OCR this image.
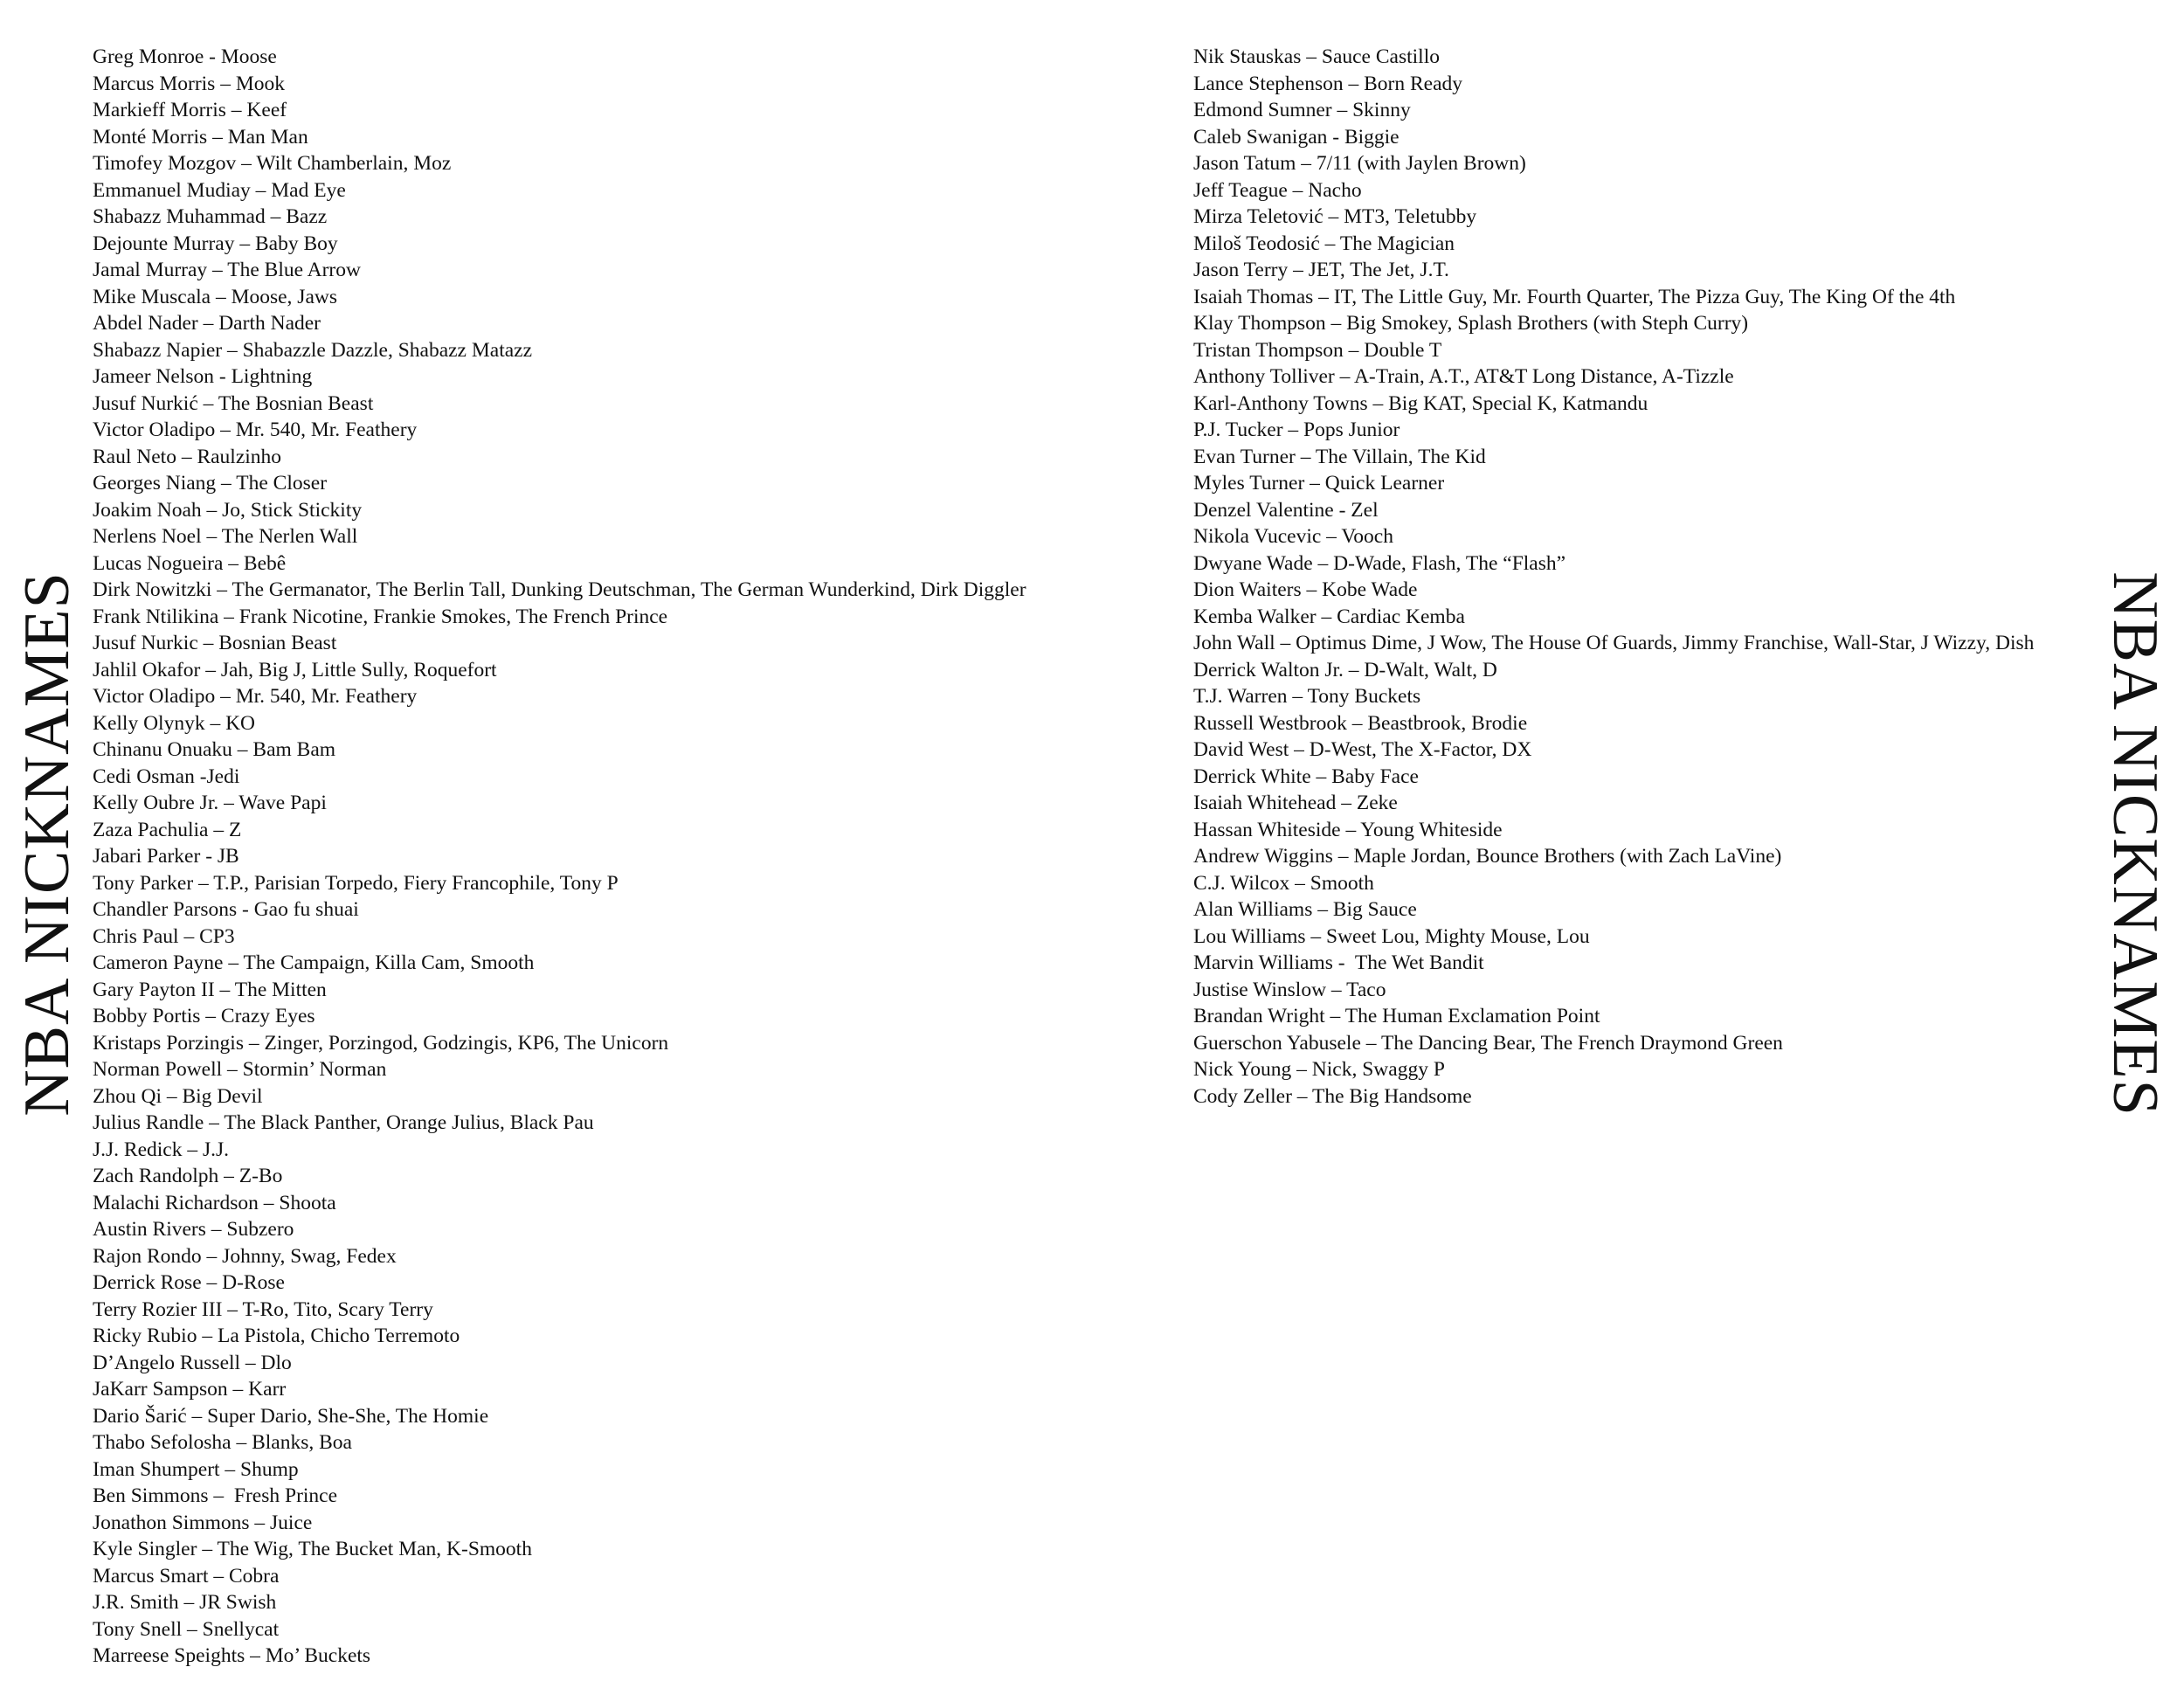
NBA NICKNAMES	NBA NICKNAMES
Greg Monroe - Moose
Marcus Morris – Mook
Markieff Morris – Keef
Monté Morris – Man Man
Timofey Mozgov – Wilt Chamberlain, Moz
Emmanuel Mudiay – Mad Eye
Shabazz Muhammad – Bazz
Dejounte Murray – Baby Boy
Jamal Murray – The Blue Arrow
Mike Muscala – Moose, Jaws
Abdel Nader – Darth Nader
Shabazz Napier – Shabazzle Dazzle, Shabazz Matazz
Jameer Nelson - Lightning
Jusuf Nurkić – The Bosnian Beast
Victor Oladipo – Mr. 540, Mr. Feathery
Raul Neto – Raulzinho
Georges Niang – The Closer
Joakim Noah – Jo, Stick Stickity
Nerlens Noel – The Nerlen Wall
Lucas Nogueira – Bebê
Dirk Nowitzki – The Germanator, The Berlin Tall, Dunking Deutschman, The German Wunderkind, Dirk Diggler
Frank Ntilikina – Frank Nicotine, Frankie Smokes, The French Prince
Jusuf Nurkic – Bosnian Beast
Jahlil Okafor – Jah, Big J, Little Sully, Roquefort
Victor Oladipo – Mr. 540, Mr. Feathery
Kelly Olynyk – KO
Chinanu Onuaku – Bam Bam
Cedi Osman -Jedi
Kelly Oubre Jr. – Wave Papi
Zaza Pachulia – Z
Jabari Parker - JB
Tony Parker – T.P., Parisian Torpedo, Fiery Francophile, Tony P
Chandler Parsons - Gao fu shuai
Chris Paul – CP3
Cameron Payne – The Campaign, Killa Cam, Smooth
Gary Payton II – The Mitten
Bobby Portis – Crazy Eyes
Kristaps Porzingis – Zinger, Porzingod, Godzingis, KP6, The Unicorn
Norman Powell – Stormin’ Norman
Zhou Qi – Big Devil
Julius Randle – The Black Panther, Orange Julius, Black Pau
J.J. Redick – J.J.
Zach Randolph – Z-Bo
Malachi Richardson – Shoota
Austin Rivers – Subzero
Rajon Rondo – Johnny, Swag, Fedex
Derrick Rose – D-Rose
Terry Rozier III – T-Ro, Tito, Scary Terry
Ricky Rubio – La Pistola, Chicho Terremoto
D’Angelo Russell – Dlo
JaKarr Sampson – Karr
Dario Šarić – Super Dario, She-She, The Homie
Thabo Sefolosha – Blanks, Boa
Iman Shumpert – Shump
Ben Simmons –  Fresh Prince
Jonathon Simmons – Juice
Kyle Singler – The Wig, The Bucket Man, K-Smooth
Marcus Smart – Cobra
J.R. Smith – JR Swish
Tony Snell – Snellycat
Marreese Speights – Mo’ Buckets
Nik Stauskas – Sauce Castillo
Lance Stephenson – Born Ready
Edmond Sumner – Skinny
Caleb Swanigan - Biggie
Jason Tatum – 7/11 (with Jaylen Brown)
Jeff Teague – Nacho
Mirza Teletović – MT3, Teletubby
Miloš Teodosić – The Magician
Jason Terry – JET, The Jet, J.T.
Isaiah Thomas – IT, The Little Guy, Mr. Fourth Quarter, The Pizza Guy, The King Of the 4th
Klay Thompson – Big Smokey, Splash Brothers (with Steph Curry)
Tristan Thompson – Double T
Anthony Tolliver – A-Train, A.T., AT&T Long Distance, A-Tizzle
Karl-Anthony Towns – Big KAT, Special K, Katmandu
P.J. Tucker – Pops Junior
Evan Turner – The Villain, The Kid
Myles Turner – Quick Learner
Denzel Valentine - Zel
Nikola Vucevic – Vooch
Dwyane Wade – D-Wade, Flash, The “Flash”
Dion Waiters – Kobe Wade
Kemba Walker – Cardiac Kemba
John Wall – Optimus Dime, J Wow, The House Of Guards, Jimmy Franchise, Wall-Star, J Wizzy, Dish
Derrick Walton Jr. – D-Walt, Walt, D
T.J. Warren – Tony Buckets
Russell Westbrook – Beastbrook, Brodie
David West – D-West, The X-Factor, DX
Derrick White – Baby Face
Isaiah Whitehead – Zeke
Hassan Whiteside – Young Whiteside
Andrew Wiggins – Maple Jordan, Bounce Brothers (with Zach LaVine)
C.J. Wilcox – Smooth
Alan Williams – Big Sauce
Lou Williams – Sweet Lou, Mighty Mouse, Lou
Marvin Williams -  The Wet Bandit
Justise Winslow – Taco
Brandan Wright – The Human Exclamation Point
Guerschon Yabusele – The Dancing Bear, The French Draymond Green
Nick Young – Nick, Swaggy P
Cody Zeller – The Big Handsome
